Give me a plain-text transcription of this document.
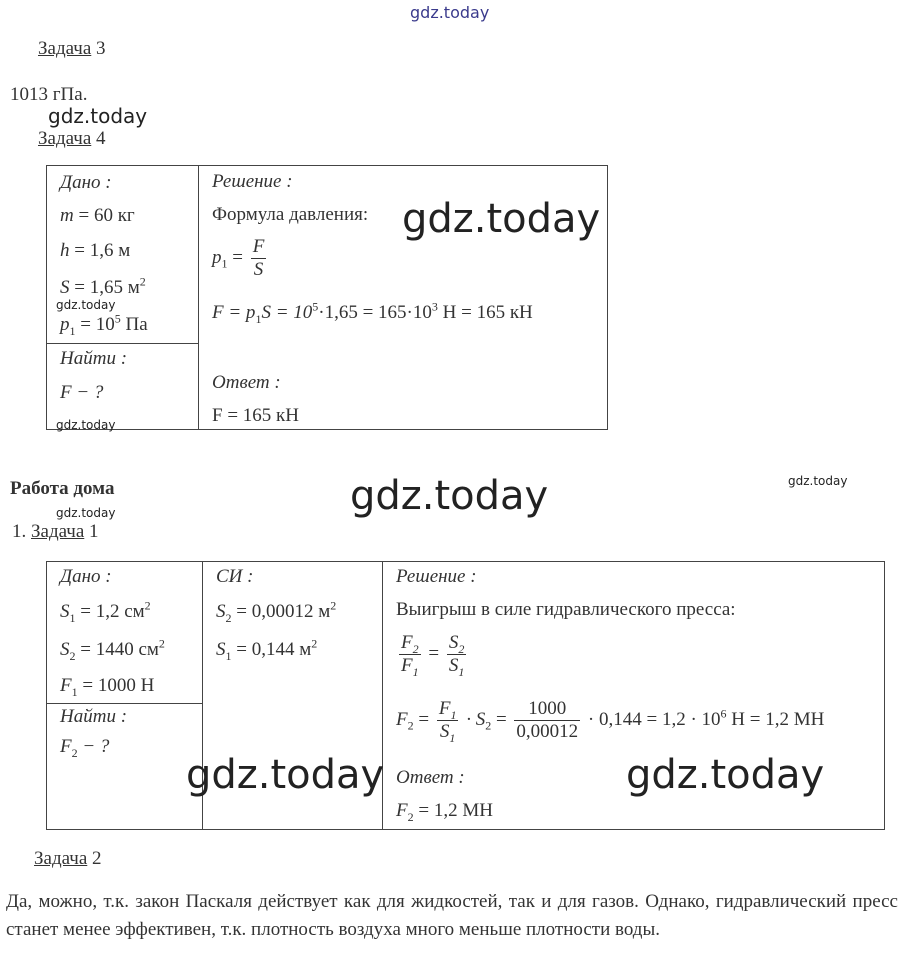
gdz.today
Задача 3
1013 гПа.
gdz.today
Задача 4
Дано :
m = 60 кг
h = 1,6 м
S = 1,65 $м^2$
gdz.today
$p_1 = 10^5$ Па
Найти :
F − ?
gdz.today
Решение :
Формула давления:
$p_1 = \frac{F}{S}$
$F = p_1S = 10^5\cdot 1,65 = 165\cdot 10^3$ Н = 165 кН
Ответ :
F = 165 кН
gdz.today
Работа дома	gdz.today
gdz.today
gdz.today
1. Задача 1
Дано :
$S_1 = 1,2$ $см^2$
$S_2 = 1440$ $см^2$
$F_1 = 1000$ Н
Найти :
$F_2$ − ?
СИ :
$S_2 = 0,00012$ $м^2$
$S_1 = 0,144$ $м^2$
Решение :
Выигрыш в силе гидравлического пресса:
$\frac{F_2}{F_1} = \frac{S_2}{S_1}$
$F_2 = \frac{F_1}{S_1} \cdot S_2 = \frac{1000}{0,00012} \cdot 0,144 = 1,2 \cdot 10^6$ Н = 1,2 МН
Ответ :
$F_2 = 1,2$ МН
gdz.today	gdz.today
Задача 2
Да, можно, т.к. закон Паскаля действует как для жидкостей, так и для газов. Однако, гидравлический пресс станет менее эффективен, т.к. плотность воздуха много меньше плотности воды.
